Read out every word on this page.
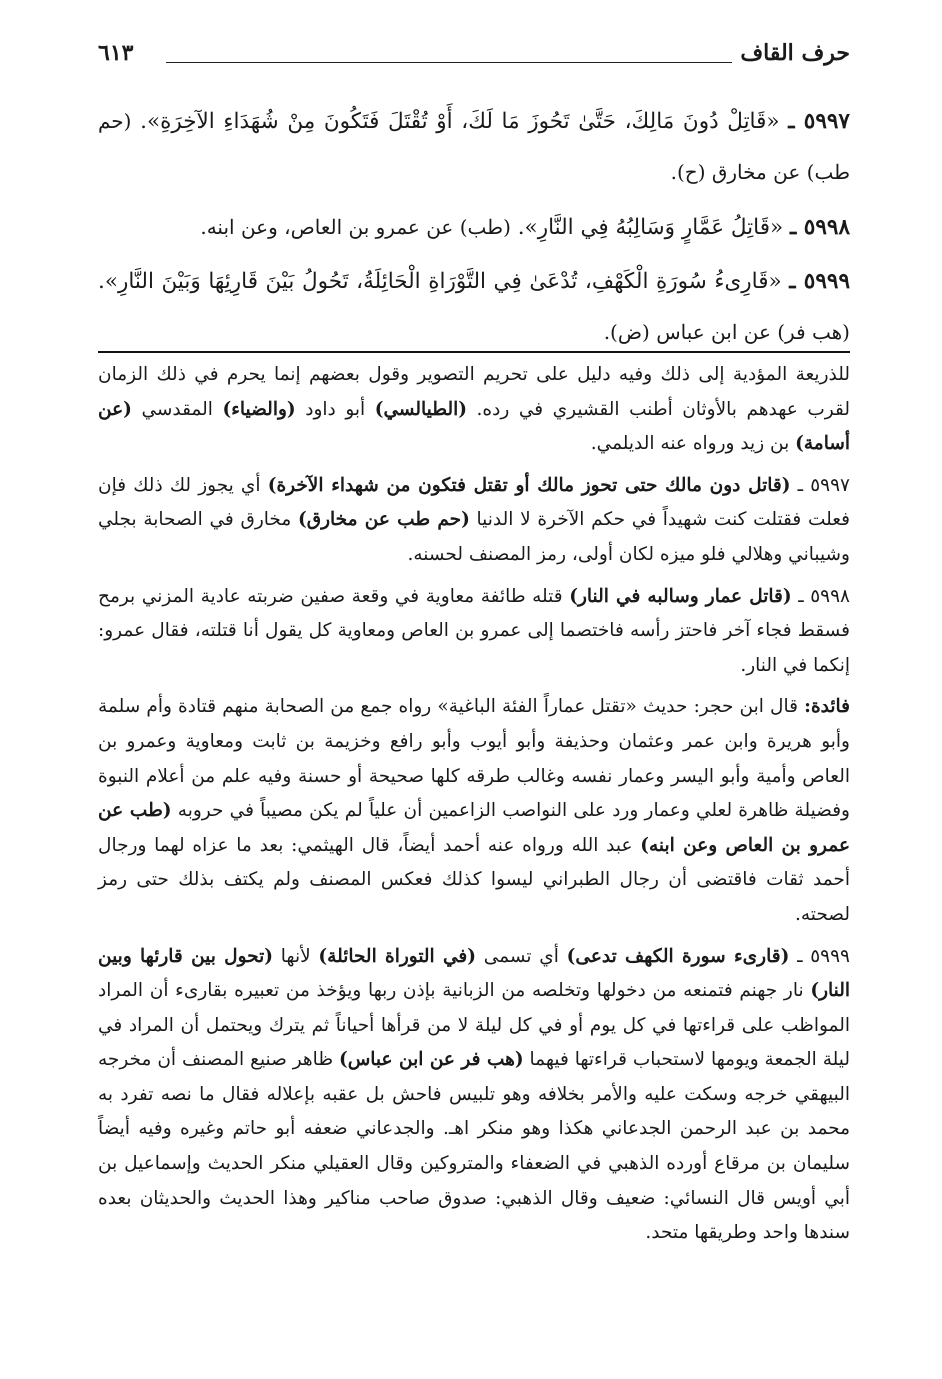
حرف القاف
٦١٣

٥٩٩٧ ـ «قَاتِلْ دُونَ مَالِكَ، حَتَّىٰ تَحُوزَ مَا لَكَ، أَوْ تُقْتَلَ فَتَكُونَ مِنْ شُهَدَاءِ الآخِرَةِ». (حم طب) عن مخارق (ح).

٥٩٩٨ ـ «قَاتِلُ عَمَّارٍ وَسَالِبُهُ فِي النَّارِ». (طب) عن عمرو بن العاص، وعن ابنه.

٥٩٩٩ ـ «قَارِىءُ سُورَةِ الْكَهْفِ، تُدْعَىٰ فِي التَّوْرَاةِ الْحَائِلَةُ، تَحُولُ بَيْنَ قَارِئِهَا وَبَيْنَ النَّارِ». (هب فر) عن ابن عباس (ض).

للذريعة المؤدية إلى ذلك وفيه دليل على تحريم التصوير وقول بعضهم إنما يحرم في ذلك الزمان لقرب عهدهم بالأوثان أطنب القشيري في رده. (الطيالسي) أبو داود (والضياء) المقدسي (عن أسامة) بن زيد ورواه عنه الديلمي.

٥٩٩٧ ـ (قاتل دون مالك حتى تحوز مالك أو تقتل فتكون من شهداء الآخرة) أي يجوز لك ذلك فإن فعلت فقتلت كنت شهيداً في حكم الآخرة لا الدنيا (حم طب عن مخارق) مخارق في الصحابة بجلي وشيباني وهلالي فلو ميزه لكان أولى، رمز المصنف لحسنه.

٥٩٩٨ ـ (قاتل عمار وسالبه في النار) قتله طائفة معاوية في وقعة صفين ضربته عادية المزني برمح فسقط فجاء آخر فاحتز رأسه فاختصما إلى عمرو بن العاص ومعاوية كل يقول أنا قتلته، فقال عمرو: إنكما في النار.

فائدة: قال ابن حجر: حديث «تقتل عماراً الفئة الباغية» رواه جمع من الصحابة منهم قتادة وأم سلمة وأبو هريرة وابن عمر وعثمان وحذيفة وأبو أيوب وأبو رافع وخزيمة بن ثابت ومعاوية وعمرو بن العاص وأمية وأبو اليسر وعمار نفسه وغالب طرقه كلها صحيحة أو حسنة وفيه علم من أعلام النبوة وفضيلة ظاهرة لعلي وعمار ورد على النواصب الزاعمين أن علياً لم يكن مصيباً في حروبه (طب عن عمرو بن العاص وعن ابنه) عبد الله ورواه عنه أحمد أيضاً، قال الهيثمي: بعد ما عزاه لهما ورجال أحمد ثقات فاقتضى أن رجال الطبراني ليسوا كذلك فعكس المصنف ولم يكتف بذلك حتى رمز لصحته.

٥٩٩٩ ـ (قارىء سورة الكهف تدعى) أي تسمى (في التوراة الحائلة) لأنها (تحول بين قارئها وبين النار) نار جهنم فتمنعه من دخولها وتخلصه من الزبانية بإذن ربها ويؤخذ من تعبيره بقارىء أن المراد المواظب على قراءتها في كل يوم أو في كل ليلة لا من قرأها أحياناً ثم يترك ويحتمل أن المراد في ليلة الجمعة ويومها لاستحباب قراءتها فيهما (هب فر عن ابن عباس) ظاهر صنيع المصنف أن مخرجه البيهقي خرجه وسكت عليه والأمر بخلافه وهو تلبيس فاحش بل عقبه بإعلاله فقال ما نصه تفرد به محمد بن عبد الرحمن الجدعاني هكذا وهو منكر اهـ. والجدعاني ضعفه أبو حاتم وغيره وفيه أيضاً سليمان بن مرقاع أورده الذهبي في الضعفاء والمتروكين وقال العقيلي منكر الحديث وإسماعيل بن أبي أويس قال النسائي: ضعيف وقال الذهبي: صدوق صاحب مناكير وهذا الحديث والحديثان بعده سندها واحد وطريقها متحد.
